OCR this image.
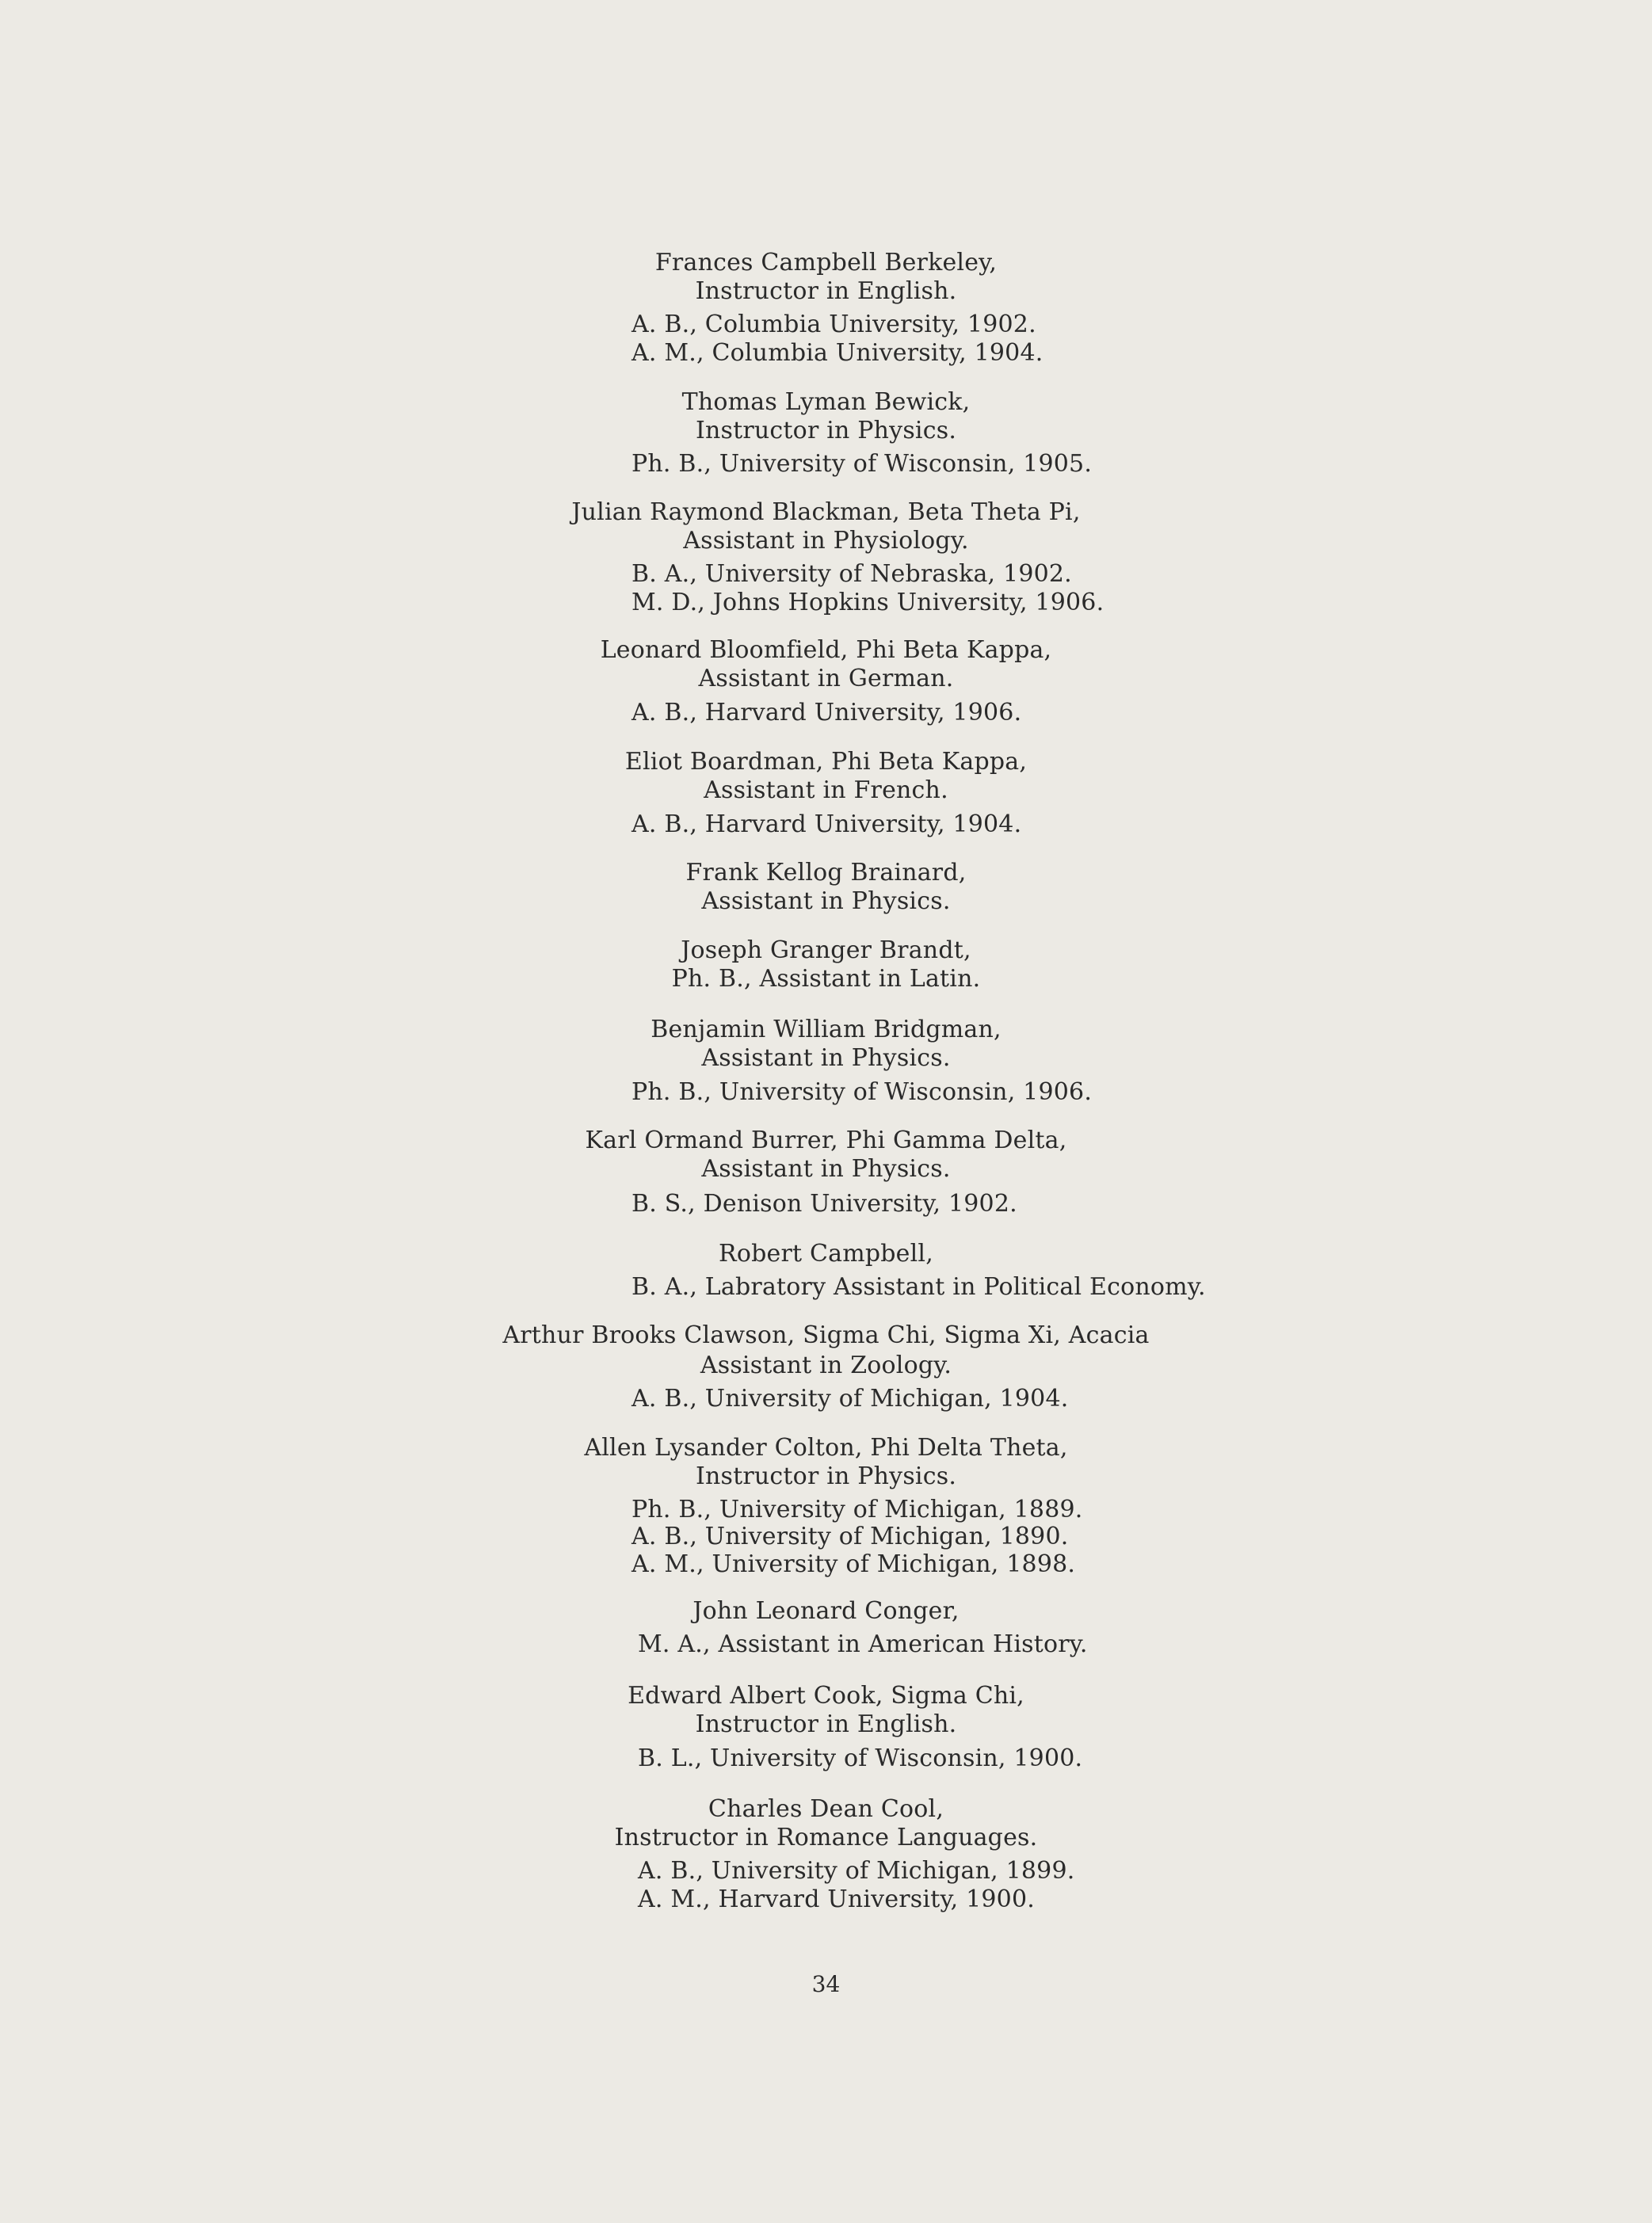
Frances Campbell Berkeley,
Instructor in English.
A. B., Columbia University, 1902.
A. M., Columbia University, 1904.
Thomas Lyman Bewick,
Instructor in Physics.
Ph. B., University of Wisconsin, 1905.
Julian Raymond Blackman, Beta Theta Pi,
Assistant in Physiology.
B. A., University of Nebraska, 1902.
M. D., Johns Hopkins University, 1906.
Leonard Bloomfield, Phi Beta Kappa,
Assistant in German.
A. B., Harvard University, 1906.
Eliot Boardman, Phi Beta Kappa,
Assistant in French.
A. B., Harvard University, 1904.
Frank Kellog Brainard,
Assistant in Physics.
Joseph Granger Brandt,
Ph. B., Assistant in Latin.
Benjamin William Bridgman,
Assistant in Physics.
Ph. B., University of Wisconsin, 1906.
Karl Ormand Burrer, Phi Gamma Delta,
Assistant in Physics.
B. S., Denison University, 1902.
Robert Campbell,
B. A., Labratory Assistant in Political Economy.
Arthur Brooks Clawson, Sigma Chi, Sigma Xi, Acacia
Assistant in Zoology.
A. B., University of Michigan, 1904.
Allen Lysander Colton, Phi Delta Theta,
Instructor in Physics.
Ph. B., University of Michigan, 1889.
A. B., University of Michigan, 1890.
A. M., University of Michigan, 1898.
John Leonard Conger,
M. A., Assistant in American History.
Edward Albert Cook, Sigma Chi,
Instructor in English.
B. L., University of Wisconsin, 1900.
Charles Dean Cool,
Instructor in Romance Languages.
A. B., University of Michigan, 1899.
A. M., Harvard University, 1900.
34
